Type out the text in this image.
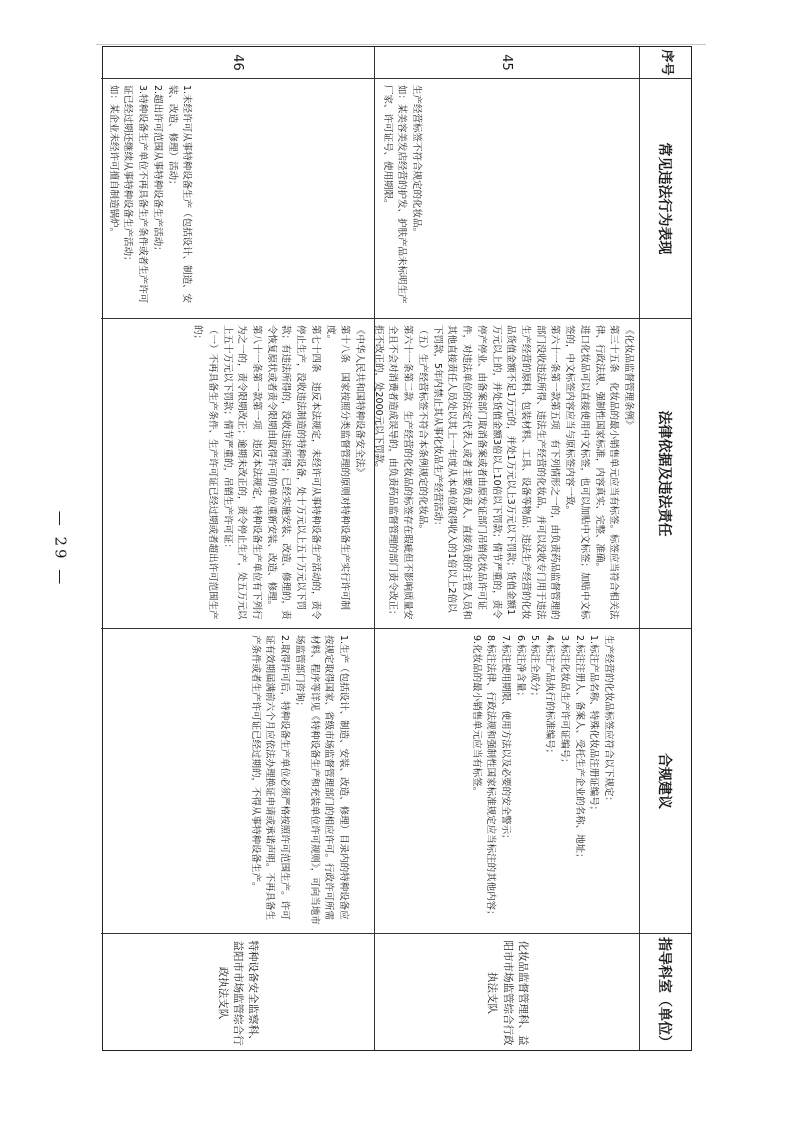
序号
常见违法行为表现
法律依据及违法责任
合规建议
指导科室（单位）
45

生产经营标签不符合规定的化妆品。

如：某美容美发店经营的护发、护肤产品未标明生产厂家、许可证号、使用期限。

《化妆品监督管理条例》

第三十五条　化妆品的最小销售单元应当有标签。标签应当符合相关法律、行政法规、强制性国家标准，内容真实、完整、准确。

进口化妆品可以直接使用中文标签，也可以加贴中文标签；加贴中文标签的，中文标签内容应当与原标签内容一致。

第六十一条第一款第五项　有下列情形之一的，由负责药品监督管理的部门没收违法所得、违法生产经营的化妆品，并可以没收专门用于违法生产经营的原料、包装材料、工具、设备等物品；违法生产经营的化妆品货值金额不足1万元的，并处1万元以上3万元以下罚款；货值金额1万元以上的，并处货值金额3倍以上10倍以下罚款；情节严重的，责令停产停业、由备案部门取消备案或者由原发证部门吊销化妆品许可证件，对违法单位的法定代表人或者主要负责人、直接负责的主管人员和其他直接责任人员处以其上一年度从本单位取得收入的1倍以上2倍以下罚款，5年内禁止其从事化妆品生产经营活动：

（五）生产经营标签不符合本条例规定的化妆品。

第六十一条第二款　生产经营的化妆品的标签存在瑕疵但不影响质量安全且不会对消费者造成误导的，由负责药品监督管理的部门责令改正；拒不改正的，处2000元以下罚款。

生产经营的化妆品标签应符合以下规定：

1.标注产品名称、特殊化妆品注册证编号；

2.标注注册人、备案人、受托生产企业的名称、地址；

3.标注化妆品生产许可证编号；

4.标注产品执行的标准编号；

5.标注全成分；

6.标注净含量；

7.标注使用期限、使用方法以及必要的安全警示；

8.标注法律、行政法规和强制性国家标准规定应当标注的其他内容；

9.化妆品的最小销售单元应当有标签。

化妆品监督管理科、益阳市市场监管综合行政执法支队
46

1.未经许可从事特种设备生产（包括设计、制造、安装、改造、修理）活动；

2.超出许可范围从事特种设备生产活动；

3.特种设备生产单位不再具备生产条件或者生产许可证已经过期还继续从事特种设备生产活动；

如：某企业未经许可擅自制造锅炉。

《中华人民共和国特种设备安全法》

第十八条　国家按照分类监督管理的原则对特种设备生产实行许可制度。

第七十四条　违反本法规定，未经许可从事特种设备生产活动的，责令停止生产，没收违法制造的特种设备，处十万元以上五十万元以下罚款；有违法所得的，没收违法所得；已经实施安装、改造、修理的，责令恢复原状或者责令限期由取得许可的单位重新安装、改造、修理。

第八十一条第一款第一项　违反本法规定，特种设备生产单位有下列行为之一的，责令限期改正；逾期未改正的，责令停止生产，处五万元以上五十万元以下罚款；情节严重的，吊销生产许可证：

（一）不再具备生产条件、生产许可证已经过期或者超出许可范围生产的；

1.生产（包括设计、制造、安装、改造、修理）目录内的特种设备应按规定取得国家、省级市场监督管理部门的相应许可。行政许可所需材料、程序等详见《特种设备生产和充装单位许可规则》，可向当地市场监管部门咨询；

2.取得许可后，特种设备生产单位必须严格按照许可范围生产。许可证有效期届满前六个月应依法办理换证申请或承诺声明。不再具备生产条件或者生产许可证已经过期的，不得从事特种设备生产。

特种设备安全监察科、益阳市市场监管综合行政执法支队
— 29 —
